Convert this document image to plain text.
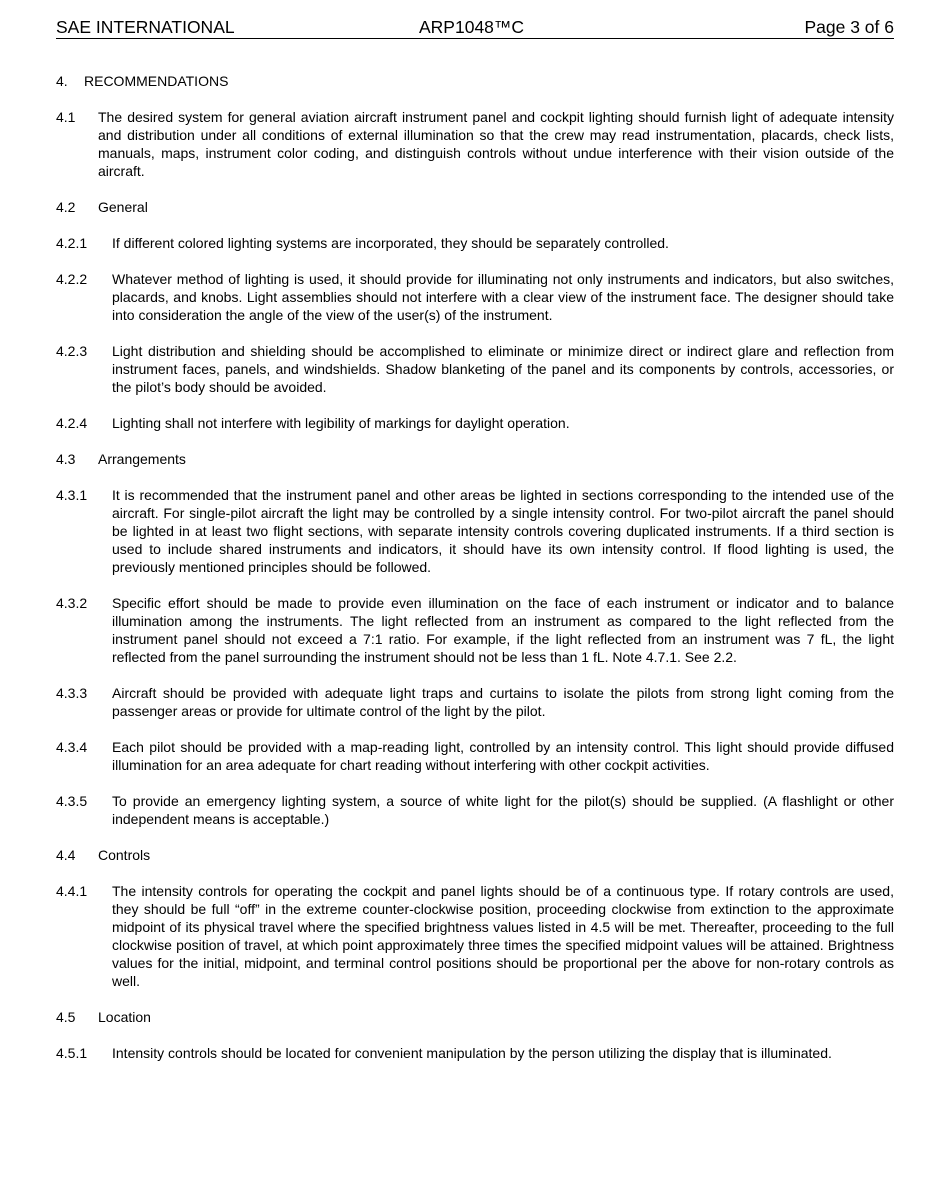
SAE INTERNATIONAL	ARP1048™C	Page 3 of 6
4. RECOMMENDATIONS
4.1 The desired system for general aviation aircraft instrument panel and cockpit lighting should furnish light of adequate intensity and distribution under all conditions of external illumination so that the crew may read instrumentation, placards, check lists, manuals, maps, instrument color coding, and distinguish controls without undue interference with their vision outside of the aircraft.
4.2 General
4.2.1 If different colored lighting systems are incorporated, they should be separately controlled.
4.2.2 Whatever method of lighting is used, it should provide for illuminating not only instruments and indicators, but also switches, placards, and knobs. Light assemblies should not interfere with a clear view of the instrument face. The designer should take into consideration the angle of the view of the user(s) of the instrument.
4.2.3 Light distribution and shielding should be accomplished to eliminate or minimize direct or indirect glare and reflection from instrument faces, panels, and windshields. Shadow blanketing of the panel and its components by controls, accessories, or the pilot’s body should be avoided.
4.2.4 Lighting shall not interfere with legibility of markings for daylight operation.
4.3 Arrangements
4.3.1 It is recommended that the instrument panel and other areas be lighted in sections corresponding to the intended use of the aircraft. For single-pilot aircraft the light may be controlled by a single intensity control. For two-pilot aircraft the panel should be lighted in at least two flight sections, with separate intensity controls covering duplicated instruments. If a third section is used to include shared instruments and indicators, it should have its own intensity control. If flood lighting is used, the previously mentioned principles should be followed.
4.3.2 Specific effort should be made to provide even illumination on the face of each instrument or indicator and to balance illumination among the instruments. The light reflected from an instrument as compared to the light reflected from the instrument panel should not exceed a 7:1 ratio. For example, if the light reflected from an instrument was 7 fL, the light reflected from the panel surrounding the instrument should not be less than 1 fL. Note 4.7.1. See 2.2.
4.3.3 Aircraft should be provided with adequate light traps and curtains to isolate the pilots from strong light coming from the passenger areas or provide for ultimate control of the light by the pilot.
4.3.4 Each pilot should be provided with a map-reading light, controlled by an intensity control. This light should provide diffused illumination for an area adequate for chart reading without interfering with other cockpit activities.
4.3.5 To provide an emergency lighting system, a source of white light for the pilot(s) should be supplied. (A flashlight or other independent means is acceptable.)
4.4 Controls
4.4.1 The intensity controls for operating the cockpit and panel lights should be of a continuous type. If rotary controls are used, they should be full “off” in the extreme counter-clockwise position, proceeding clockwise from extinction to the approximate midpoint of its physical travel where the specified brightness values listed in 4.5 will be met. Thereafter, proceeding to the full clockwise position of travel, at which point approximately three times the specified midpoint values will be attained. Brightness values for the initial, midpoint, and terminal control positions should be proportional per the above for non-rotary controls as well.
4.5 Location
4.5.1 Intensity controls should be located for convenient manipulation by the person utilizing the display that is illuminated.
